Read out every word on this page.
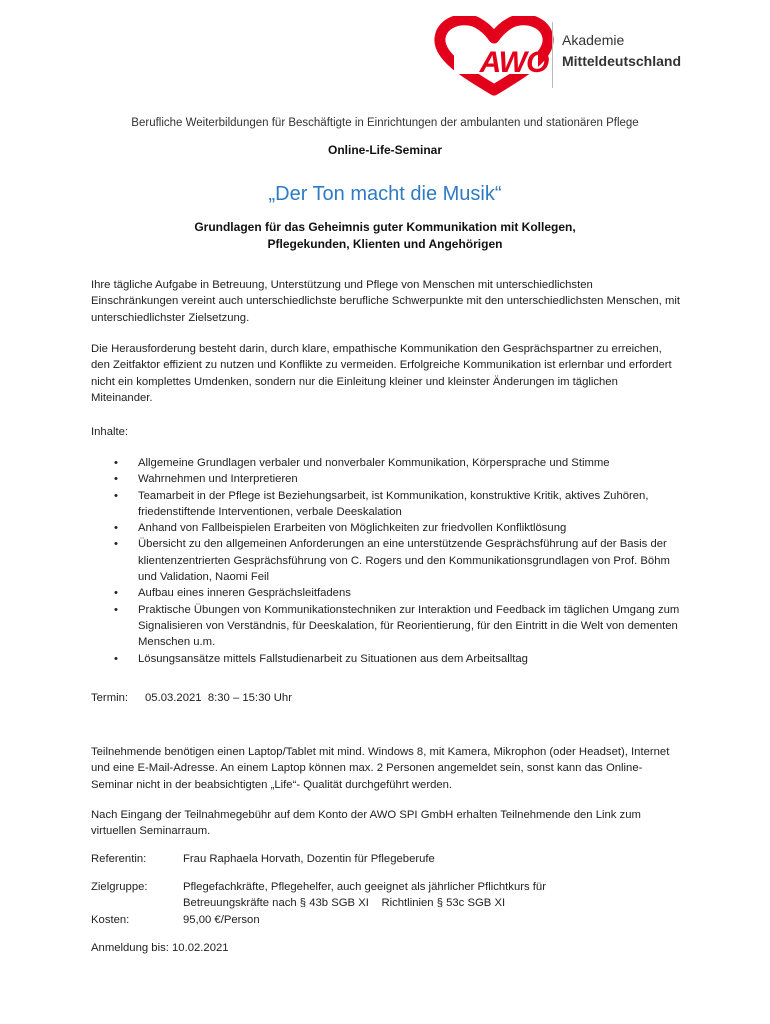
AWO
Akademie
Mitteldeutschland
Berufliche Weiterbildungen für Beschäftigte in Einrichtungen der ambulanten und stationären Pflege
Online-Life-Seminar
„Der Ton macht die Musik“
Grundlagen für das Geheimnis guter Kommunikation mit Kollegen,
Pflegekunden, Klienten und Angehörigen
Ihre tägliche Aufgabe in Betreuung, Unterstützung und Pflege von Menschen mit unterschiedlichsten Einschränkungen vereint auch unterschiedlichste berufliche Schwerpunkte mit den unterschiedlichsten Menschen, mit unterschiedlichster Zielsetzung.
Die Herausforderung besteht darin, durch klare, empathische Kommunikation den Gesprächspartner zu erreichen, den Zeitfaktor effizient zu nutzen und Konflikte zu vermeiden. Erfolgreiche Kommunikation ist erlernbar und erfordert nicht ein komplettes Umdenken, sondern nur die Einleitung kleiner und kleinster Änderungen im täglichen Miteinander.
Inhalte:
• Allgemeine Grundlagen verbaler und nonverbaler Kommunikation, Körpersprache und Stimme
• Wahrnehmen und Interpretieren
• Teamarbeit in der Pflege ist Beziehungsarbeit, ist Kommunikation, konstruktive Kritik, aktives Zuhören, friedenstiftende Interventionen, verbale Deeskalation
• Anhand von Fallbeispielen Erarbeiten von Möglichkeiten zur friedvollen Konfliktlösung
• Übersicht zu den allgemeinen Anforderungen an eine unterstützende Gesprächsführung auf der Basis der klientenzentrierten Gesprächsführung von C. Rogers und den Kommunikationsgrundlagen von Prof. Böhm und Validation, Naomi Feil
• Aufbau eines inneren Gesprächsleitfadens
• Praktische Übungen von Kommunikationstechniken zur Interaktion und Feedback im täglichen Umgang zum Signalisieren von Verständnis, für Deeskalation, für Reorientierung, für den Eintritt in die Welt von dementen Menschen u.m.
• Lösungsansätze mittels Fallstudienarbeit zu Situationen aus dem Arbeitsalltag
Termin: 05.03.2021  8:30 – 15:30 Uhr
Teilnehmende benötigen einen Laptop/Tablet mit mind. Windows 8, mit Kamera, Mikrophon (oder Headset), Internet und eine E-Mail-Adresse. An einem Laptop können max. 2 Personen angemeldet sein, sonst kann das Online-Seminar nicht in der beabsichtigten „Life“- Qualität durchgeführt werden.
Nach Eingang der Teilnahmegebühr auf dem Konto der AWO SPI GmbH erhalten Teilnehmende den Link zum virtuellen Seminarraum.
Referentin:	Frau Raphaela Horvath, Dozentin für Pflegeberufe
Zielgruppe:	Pflegefachkräfte, Pflegehelfer, auch geeignet als jährlicher Pflichtkurs für
Betreuungskräfte nach § 43b SGB XI    Richtlinien § 53c SGB XI
Kosten:	95,00 €/Person
Anmeldung bis: 10.02.2021
